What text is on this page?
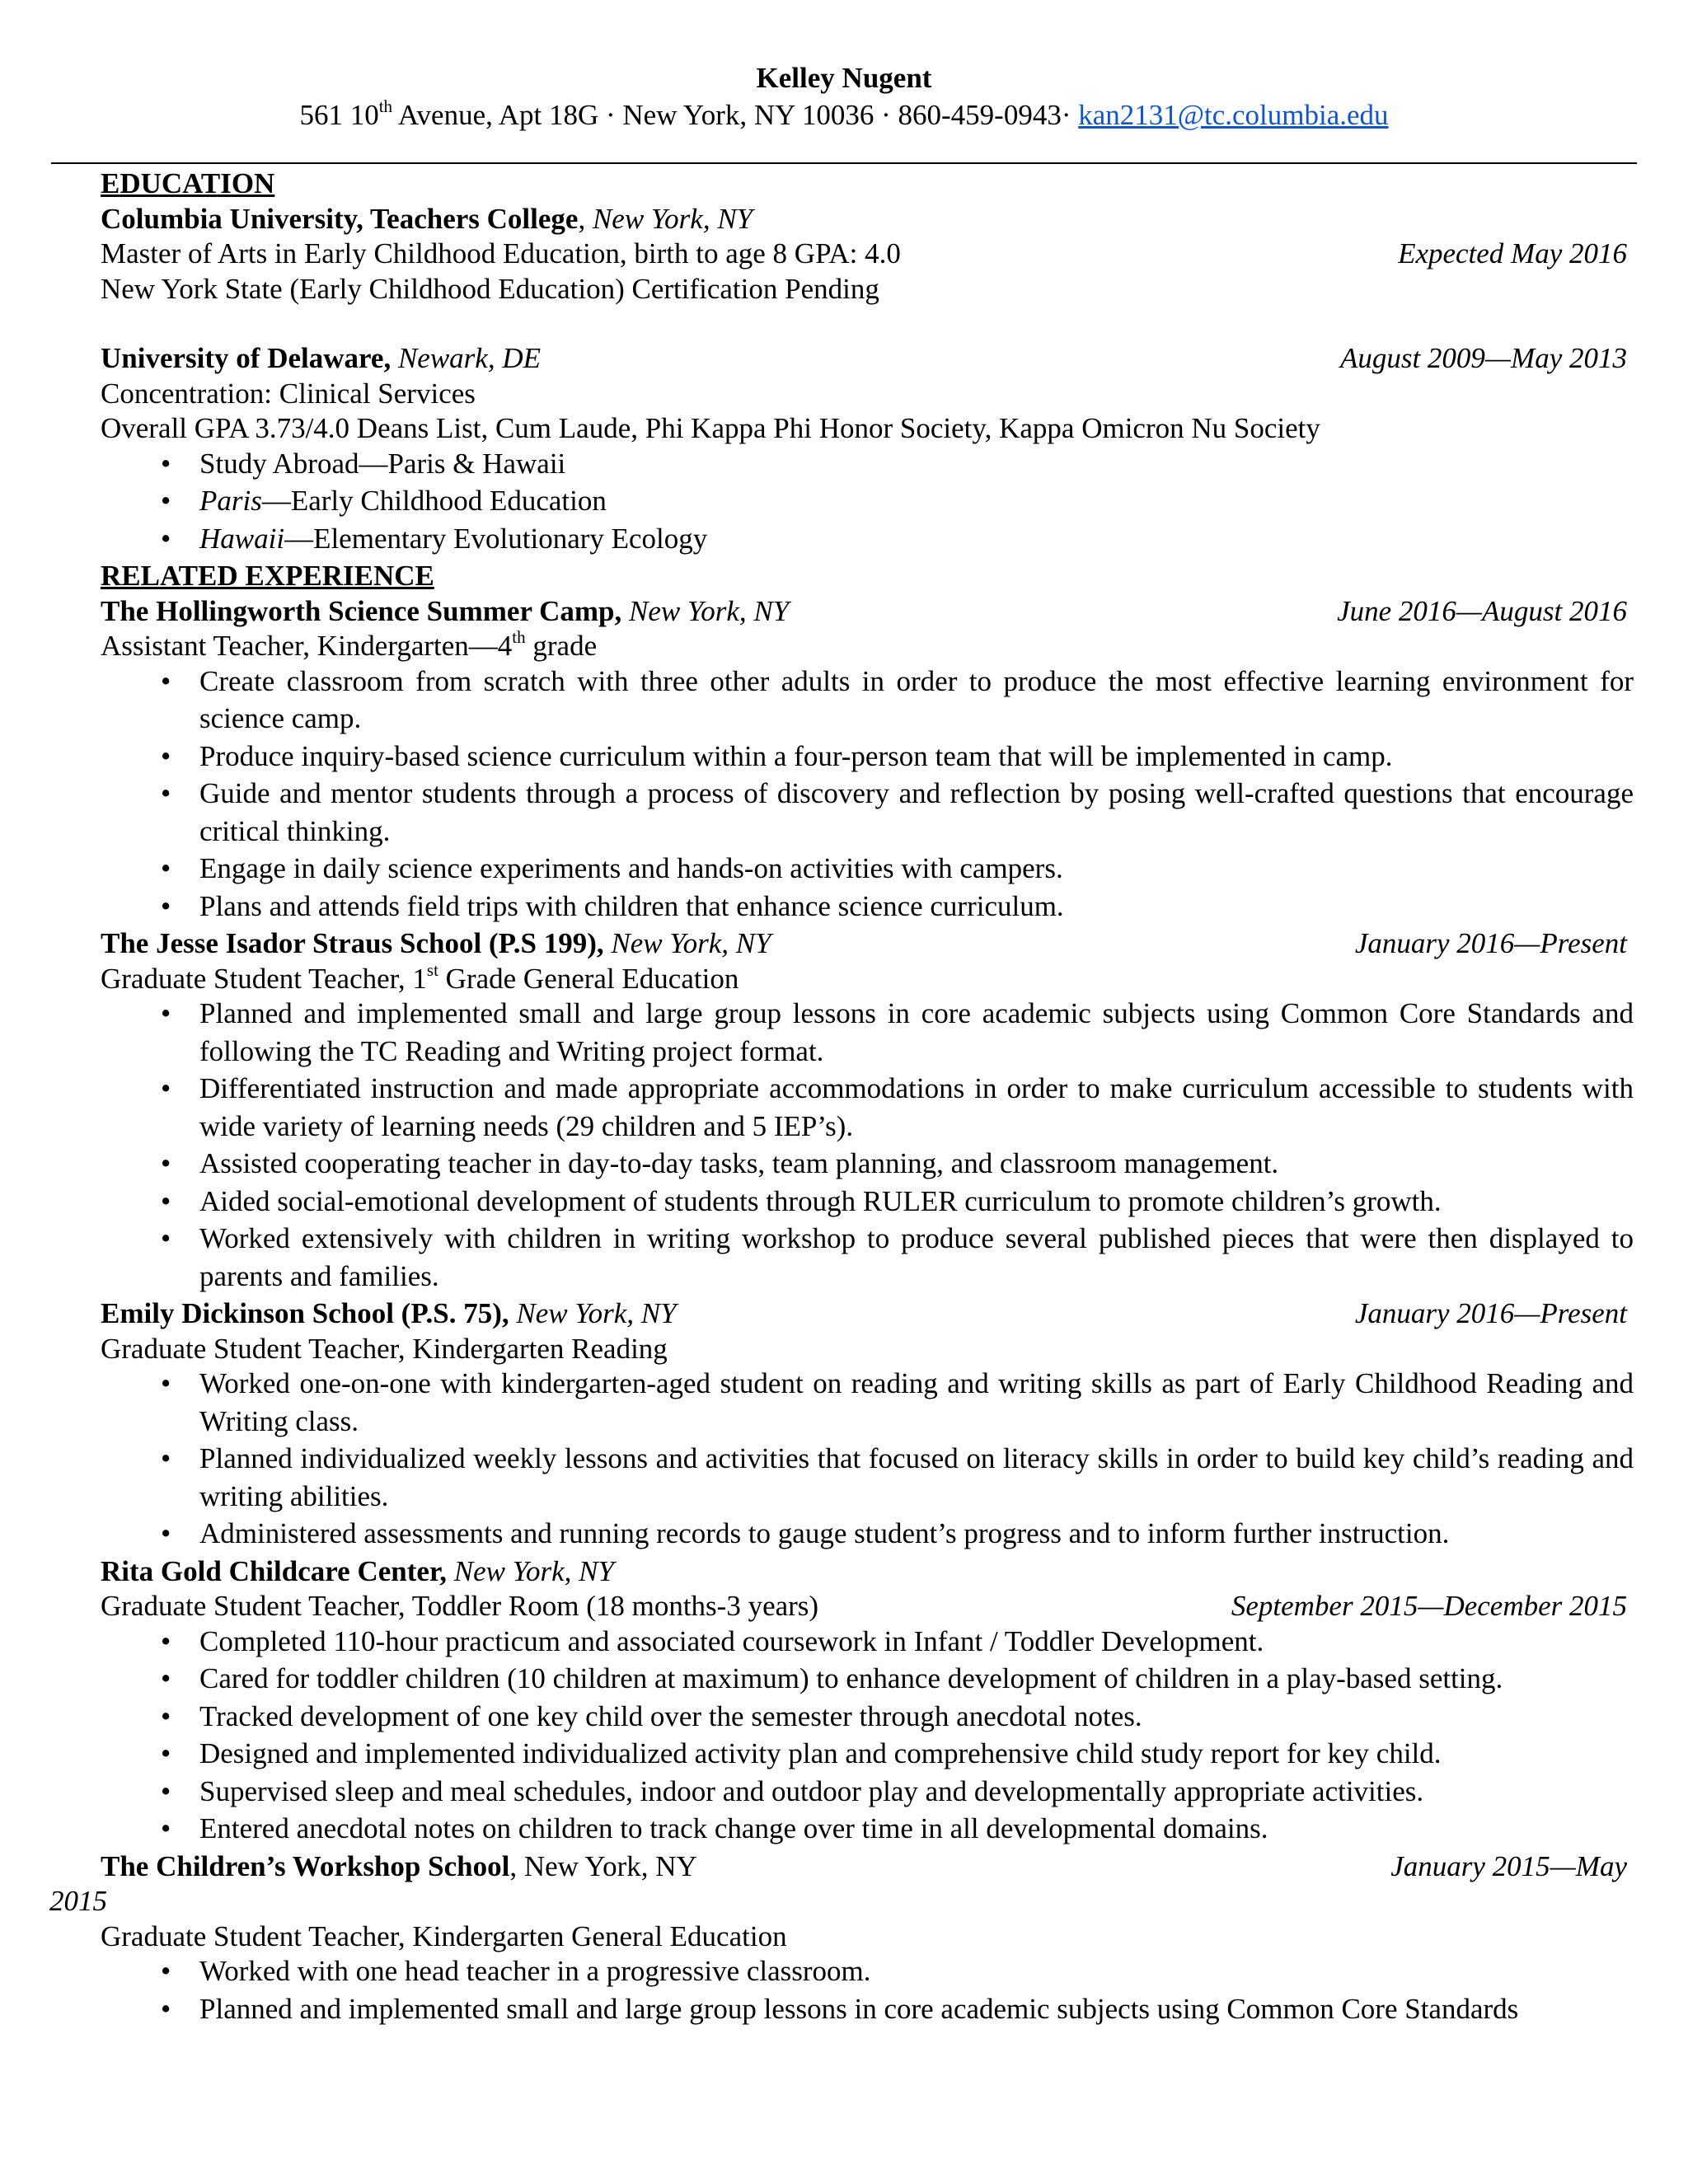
Kelley Nugent
561 10th Avenue, Apt 18G · New York, NY 10036 · 860-459-0943· kan2131@tc.columbia.edu
EDUCATION
Columbia University, Teachers College, New York, NY
Master of Arts in Early Childhood Education, birth to age 8 GPA: 4.0	Expected May 2016
New York State (Early Childhood Education) Certification Pending
University of Delaware, Newark, DE	August 2009—May 2013
Concentration: Clinical Services
Overall GPA 3.73/4.0 Deans List, Cum Laude, Phi Kappa Phi Honor Society, Kappa Omicron Nu Society
• Study Abroad—Paris & Hawaii
• Paris—Early Childhood Education
• Hawaii—Elementary Evolutionary Ecology
RELATED EXPERIENCE
The Hollingworth Science Summer Camp, New York, NY	June 2016—August 2016
Assistant Teacher, Kindergarten—4th grade
• Create classroom from scratch with three other adults in order to produce the most effective learning environment for science camp.
• Produce inquiry-based science curriculum within a four-person team that will be implemented in camp.
• Guide and mentor students through a process of discovery and reflection by posing well-crafted questions that encourage critical thinking.
• Engage in daily science experiments and hands-on activities with campers.
• Plans and attends field trips with children that enhance science curriculum.
The Jesse Isador Straus School (P.S 199), New York, NY	January 2016—Present
Graduate Student Teacher, 1st Grade General Education
• Planned and implemented small and large group lessons in core academic subjects using Common Core Standards and following the TC Reading and Writing project format.
• Differentiated instruction and made appropriate accommodations in order to make curriculum accessible to students with wide variety of learning needs (29 children and 5 IEP’s).
• Assisted cooperating teacher in day-to-day tasks, team planning, and classroom management.
• Aided social-emotional development of students through RULER curriculum to promote children’s growth.
• Worked extensively with children in writing workshop to produce several published pieces that were then displayed to parents and families.
Emily Dickinson School (P.S. 75), New York, NY	January 2016—Present
Graduate Student Teacher, Kindergarten Reading
• Worked one-on-one with kindergarten-aged student on reading and writing skills as part of Early Childhood Reading and Writing class.
• Planned individualized weekly lessons and activities that focused on literacy skills in order to build key child’s reading and writing abilities.
• Administered assessments and running records to gauge student’s progress and to inform further instruction.
Rita Gold Childcare Center, New York, NY
Graduate Student Teacher, Toddler Room (18 months-3 years)	September 2015—December 2015
• Completed 110-hour practicum and associated coursework in Infant / Toddler Development.
• Cared for toddler children (10 children at maximum) to enhance development of children in a play-based setting.
• Tracked development of one key child over the semester through anecdotal notes.
• Designed and implemented individualized activity plan and comprehensive child study report for key child.
• Supervised sleep and meal schedules, indoor and outdoor play and developmentally appropriate activities.
• Entered anecdotal notes on children to track change over time in all developmental domains.
The Children’s Workshop School, New York, NY	January 2015—May
2015
Graduate Student Teacher, Kindergarten General Education
• Worked with one head teacher in a progressive classroom.
• Planned and implemented small and large group lessons in core academic subjects using Common Core Standards
